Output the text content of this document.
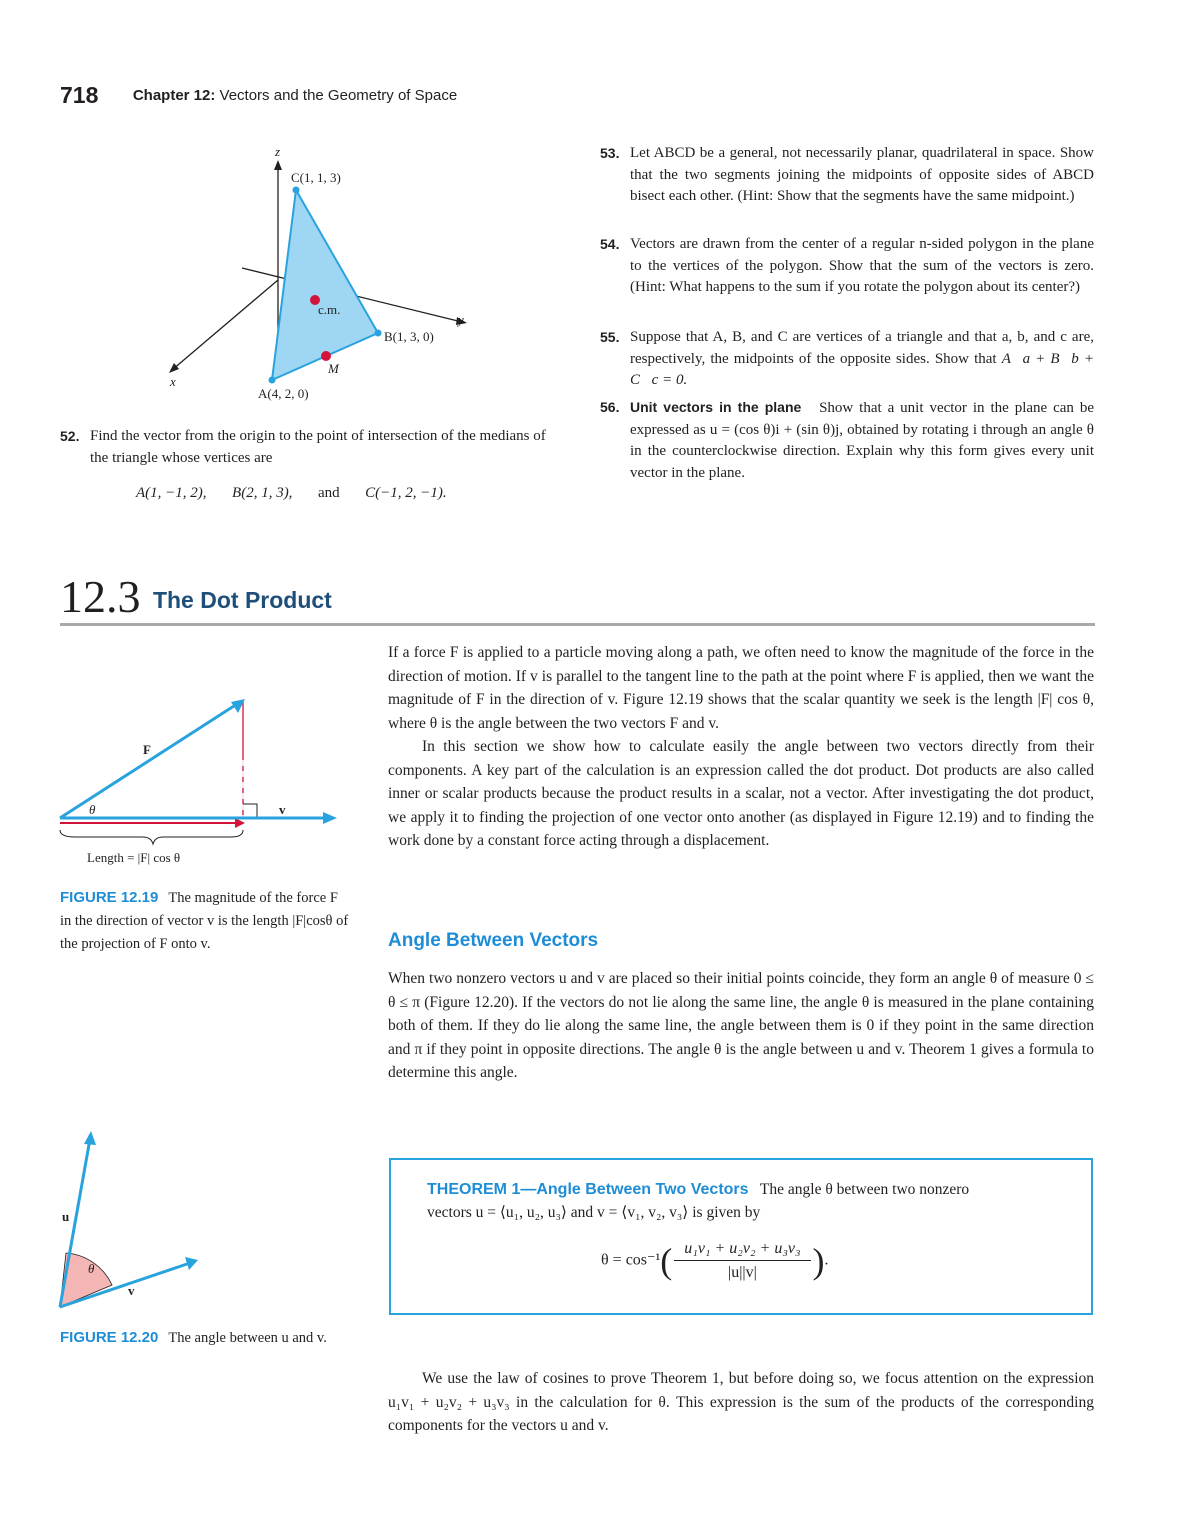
718 Chapter 12: Vectors and the Geometry of Space
z
x
y
C(1, 1, 3)
B(1, 3, 0)
A(4, 2, 0)
c.m.
M
52. Find the vector from the origin to the point of intersection of the medians of the triangle whose vertices are
A(1, −1, 2), B(2, 1, 3), and C(−1, 2, −1).
53. Let ABCD be a general, not necessarily planar, quadrilateral in space. Show that the two segments joining the midpoints of opposite sides of ABCD bisect each other. (Hint: Show that the segments have the same midpoint.)
54. Vectors are drawn from the center of a regular n-sided polygon in the plane to the vertices of the polygon. Show that the sum of the vectors is zero. (Hint: What happens to the sum if you rotate the polygon about its center?)
55. Suppose that A, B, and C are vertices of a triangle and that a, b, and c are, respectively, the midpoints of the opposite sides. Show that A⃗a + B⃗b + C⃗c = 0.
56. Unit vectors in the plane Show that a unit vector in the plane can be expressed as u = (cos θ)i + (sin θ)j, obtained by rotating i through an angle θ in the counterclockwise direction. Explain why this form gives every unit vector in the plane.
12.3 The Dot Product
F
v
θ
Length = |F| cos θ
FIGURE 12.19 The magnitude of the force F in the direction of vector v is the length |F|cosθ of the projection of F onto v.

If a force F is applied to a particle moving along a path, we often need to know the magnitude of the force in the direction of motion. If v is parallel to the tangent line to the path at the point where F is applied, then we want the magnitude of F in the direction of v. Figure 12.19 shows that the scalar quantity we seek is the length |F| cos θ, where θ is the angle between the two vectors F and v.

In this section we show how to calculate easily the angle between two vectors directly from their components. A key part of the calculation is an expression called the dot product. Dot products are also called inner or scalar products because the product results in a scalar, not a vector. After investigating the dot product, we apply it to finding the projection of one vector onto another (as displayed in Figure 12.19) and to finding the work done by a constant force acting through a displacement.

Angle Between Vectors

When two nonzero vectors u and v are placed so their initial points coincide, they form an angle θ of measure 0 ≤ θ ≤ π (Figure 12.20). If the vectors do not lie along the same line, the angle θ is measured in the plane containing both of them. If they do lie along the same line, the angle between them is 0 if they point in the same direction and π if they point in opposite directions. The angle θ is the angle between u and v. Theorem 1 gives a formula to determine this angle.

u
v
θ
FIGURE 12.20 The angle between u and v.
THEOREM 1—Angle Between Two Vectors The angle θ between two nonzero
vectors u = ⟨u₁, u₂, u₃⟩ and v = ⟨v₁, v₂, v₃⟩ is given by
$\theta = \cos^{-1}( \frac{\text{u₁v₁ + u₂v₂ + u₃v₃}}{|u||v|}$ ).

We use the law of cosines to prove Theorem 1, but before doing so, we focus attention on the expression u₁v₁ + u₂v₂ + u₃v₃ in the calculation for θ. This expression is the sum of the products of the corresponding components for the vectors u and v.
